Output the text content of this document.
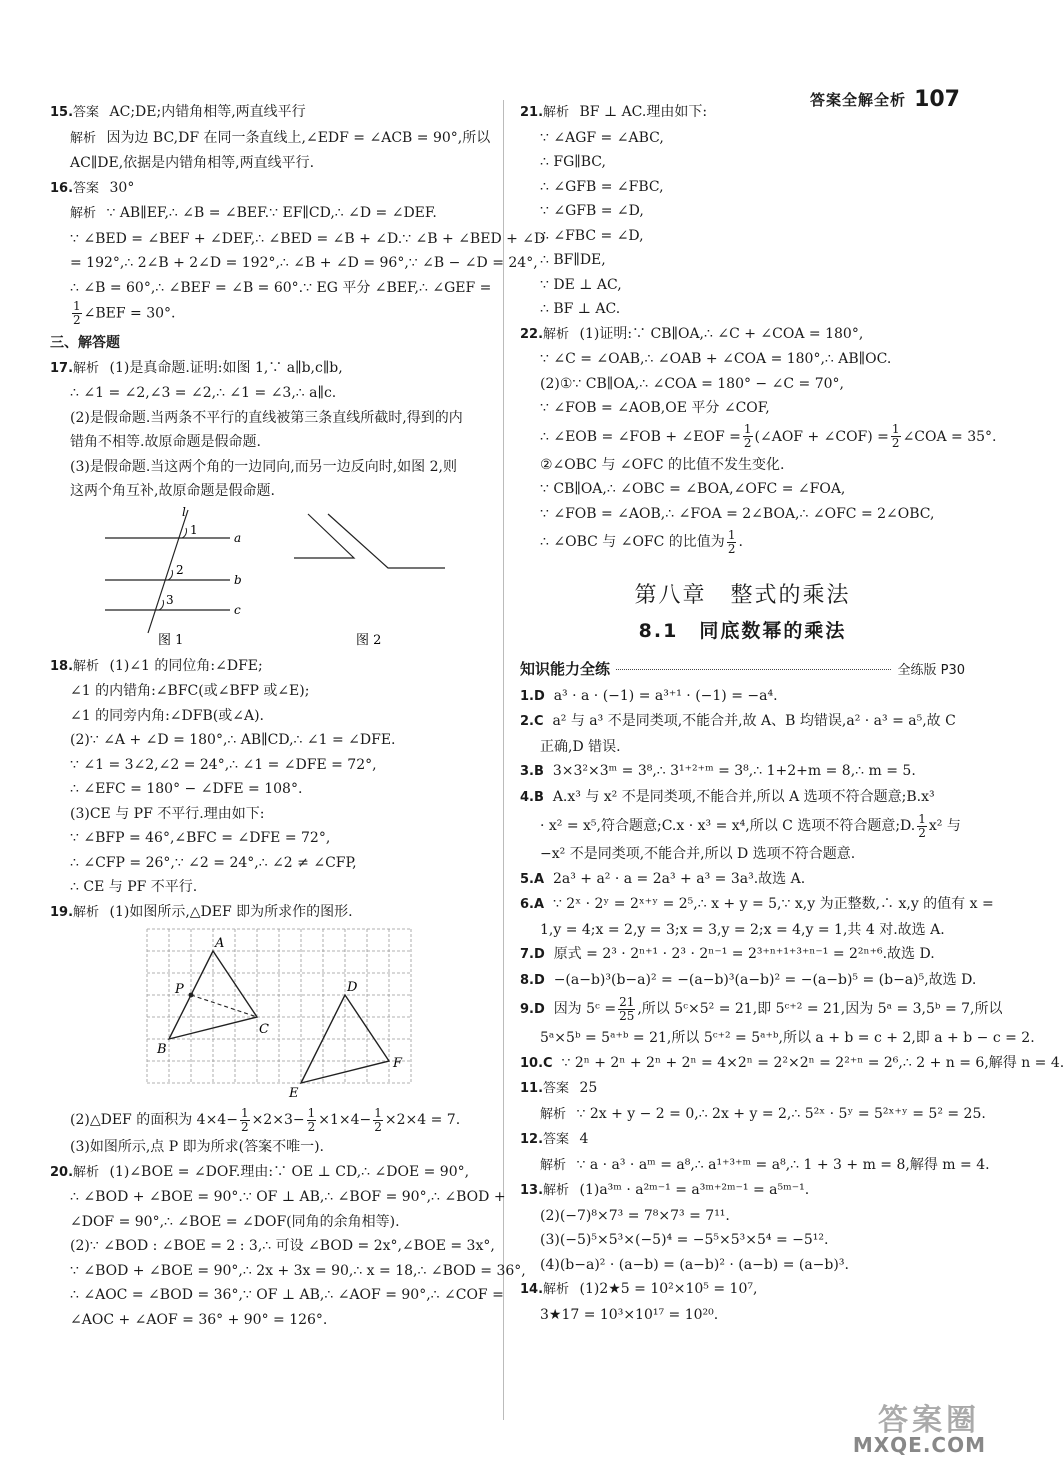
答案全解全析 107
15.答案 AC;DE;内错角相等,两直线平行
解析 因为边 BC,DF 在同一条直线上,∠EDF = ∠ACB = 90°,所以
AC∥DE,依据是内错角相等,两直线平行.
16.答案 30°
解析 ∵ AB∥EF,∴ ∠B = ∠BEF.∵ EF∥CD,∴ ∠D = ∠DEF.
∵ ∠BED = ∠BEF + ∠DEF,∴ ∠BED = ∠B + ∠D.∵ ∠B + ∠BED + ∠D
= 192°,∴ 2∠B + 2∠D = 192°,∴ ∠B + ∠D = 96°,∵ ∠B − ∠D = 24°,
∴ ∠B = 60°,∴ ∠BEF = ∠B = 60°.∵ EG 平分 ∠BEF,∴ ∠GEF =
$\frac{1}{2}$ ∠BEF = 30°.
三、解答题
17.解析 (1)是真命题.证明:如图 1,∵ a∥b,c∥b,
∴ ∠1 = ∠2,∠3 = ∠2,∴ ∠1 = ∠3,∴ a∥c.
(2)是假命题.当两条不平行的直线被第三条直线所截时,得到的内
错角不相等.故原命题是假命题.
(3)是假命题.当这两个角的一边同向,而另一边反向时,如图 2,则
这两个角互补,故原命题是假命题.
l
a
b
c
1
2
3
图 1	图 2
18.解析 (1)∠1 的同位角:∠DFE;
∠1 的内错角:∠BFC(或∠BFP 或∠E);
∠1 的同旁内角:∠DFB(或∠A).
(2)∵ ∠A + ∠D = 180°,∴ AB∥CD,∴ ∠1 = ∠DFE.
∵ ∠1 = 3∠2,∠2 = 24°,∴ ∠1 = ∠DFE = 72°,
∴ ∠EFC = 180° − ∠DFE = 108°.
(3)CE 与 PF 不平行.理由如下:
∵ ∠BFP = 46°,∠BFC = ∠DFE = 72°,
∴ ∠CFP = 26°,∵ ∠2 = 24°,∴ ∠2 ≠ ∠CFP,
∴ CE 与 PF 不平行.
19.解析 (1)如图所示,△DEF 即为所求作的图形.
A
B
C
P	D
E
F
(2)△DEF 的面积为 $4\times 4- \frac{1}{2} \times 2\times 3- \frac{1}{2} \times 1\times 4- \frac{1}{2} \times 2\times 4 = 7$.
(3)如图所示,点 P 即为所求(答案不唯一).
20.解析 (1)∠BOE = ∠DOF.理由:∵ OE ⊥ CD,∴ ∠DOE = 90°,
∴ ∠BOD + ∠BOE = 90°.∵ OF ⊥ AB,∴ ∠BOF = 90°,∴ ∠BOD +
∠DOF = 90°,∴ ∠BOE = ∠DOF(同角的余角相等).
(2)∵ ∠BOD : ∠BOE = 2 : 3,∴ 可设 ∠BOD = 2x°,∠BOE = 3x°,
∵ ∠BOD + ∠BOE = 90°,∴ 2x + 3x = 90,∴ x = 18,∴ ∠BOD = 36°,
∴ ∠AOC = ∠BOD = 36°,∵ OF ⊥ AB,∴ ∠AOF = 90°,∴ ∠COF =
∠AOC + ∠AOF = 36° + 90° = 126°.
21.解析 BF ⊥ AC.理由如下:
∵ ∠AGF = ∠ABC,
∴ FG∥BC,
∴ ∠GFB = ∠FBC,
∵ ∠GFB = ∠D,
∴ ∠FBC = ∠D,
∴ BF∥DE,
∵ DE ⊥ AC,
∴ BF ⊥ AC.
22.解析 (1)证明:∵ CB∥OA,∴ ∠C + ∠COA = 180°,
∵ ∠C = ∠OAB,∴ ∠OAB + ∠COA = 180°,∴ AB∥OC.
(2)①∵ CB∥OA,∴ ∠COA = 180° − ∠C = 70°,
∵ ∠FOB = ∠AOB,OE 平分 ∠COF,
∴ ∠EOB = ∠FOB + ∠EOF = $\frac{1}{2}$ (∠AOF + ∠COF) = $\frac{1}{2}$ ∠COA = 35°.
②∠OBC 与 ∠OFC 的比值不发生变化.
∵ CB∥OA,∴ ∠OBC = ∠BOA,∠OFC = ∠FOA,
∵ ∠FOB = ∠AOB,∴ ∠FOA = 2∠BOA,∴ ∠OFC = 2∠OBC,
∴ ∠OBC 与 ∠OFC 的比值为 $\frac{1}{2}$ .
第八章　整式的乘法
8.1　同底数幂的乘法
知识能力全练	全练版 P30
1.D a³ · a · (−1) = a³⁺¹ · (−1) = −a⁴.
2.C a² 与 a³ 不是同类项,不能合并,故 A、B 均错误,a² · a³ = a⁵,故 C
正确,D 错误.
3.B 3×3²×3ᵐ = 3⁸,∴ 3¹⁺²⁺ᵐ = 3⁸,∴ 1+2+m = 8,∴ m = 5.
4.B A.x³ 与 x² 不是同类项,不能合并,所以 A 选项不符合题意;B.x³
· x² = x⁵,符合题意;C.x · x³ = x⁴,所以 C 选项不符合题意;D. $\frac{1}{2} x^2$ 与
−x² 不是同类项,不能合并,所以 D 选项不符合题意.
5.A 2a³ + a² · a = 2a³ + a³ = 3a³.故选 A.
6.A ∵ 2ˣ · 2ʸ = 2ˣ⁺ʸ = 2⁵,∴ x + y = 5,∵ x,y 为正整数,∴ x,y 的值有 x =
1,y = 4;x = 2,y = 3;x = 3,y = 2;x = 4,y = 1,共 4 对.故选 A.
7.D 原式 = 2³ · 2ⁿ⁺¹ · 2³ · 2ⁿ⁻¹ = 2³⁺ⁿ⁺¹⁺³⁺ⁿ⁻¹ = 2²ⁿ⁺⁶.故选 D.
8.D −(a−b)³(b−a)² = −(a−b)³(a−b)² = −(a−b)⁵ = (b−a)⁵,故选 D.
9.D 因为 5ᶜ = $\frac{21}{25}$ ,所以 5ᶜ×5² = 21,即 5ᶜ⁺² = 21,因为 5ᵃ = 3,5ᵇ = 7,所以
5ᵃ×5ᵇ = 5ᵃ⁺ᵇ = 21,所以 5ᶜ⁺² = 5ᵃ⁺ᵇ,所以 a + b = c + 2,即 a + b − c = 2.
10.C ∵ 2ⁿ + 2ⁿ + 2ⁿ + 2ⁿ = 4×2ⁿ = 2²×2ⁿ = 2²⁺ⁿ = 2⁶,∴ 2 + n = 6,解得 n = 4.
11.答案 25
解析 ∵ 2x + y − 2 = 0,∴ 2x + y = 2,∴ 5²ˣ · 5ʸ = 5²ˣ⁺ʸ = 5² = 25.
12.答案 4
解析 ∵ a · a³ · aᵐ = a⁸,∴ a¹⁺³⁺ᵐ = a⁸,∴ 1 + 3 + m = 8,解得 m = 4.
13.解析 (1)a³ᵐ · a²ᵐ⁻¹ = a³ᵐ⁺²ᵐ⁻¹ = a⁵ᵐ⁻¹.
(2)(−7)⁸×7³ = 7⁸×7³ = 7¹¹.
(3)(−5)⁵×5³×(−5)⁴ = −5⁵×5³×5⁴ = −5¹².
(4)(b−a)² · (a−b) = (a−b)² · (a−b) = (a−b)³.
14.解析 (1)2★5 = 10²×10⁵ = 10⁷,
3★17 = 10³×10¹⁷ = 10²⁰.
答案圈
MXQE.COM
